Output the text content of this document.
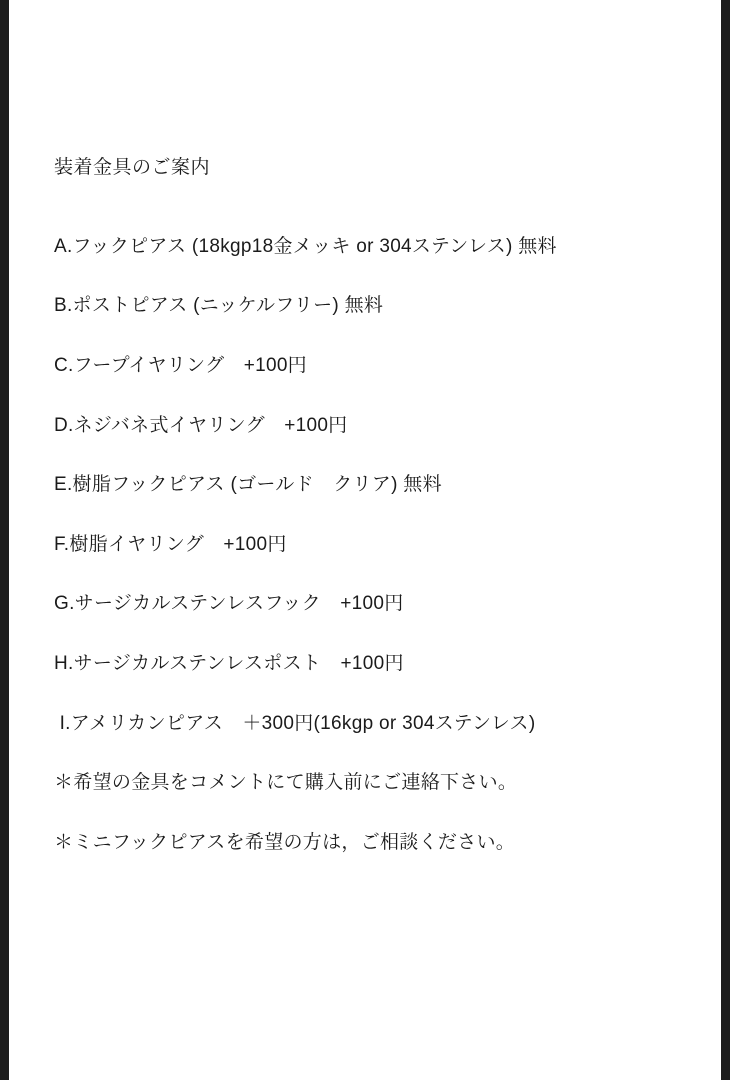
装着金具のご案内
A.フックピアス (18kgp18金メッキ or 304ステンレス) 無料
B.ポストピアス (ニッケルフリー) 無料
C.フープイヤリング　+100円
D.ネジバネ式イヤリング　+100円
E.樹脂フックピアス (ゴールド　クリア) 無料
F.樹脂イヤリング　+100円
G.サージカルステンレスフック　+100円
H.サージカルステンレスポスト　+100円
I.アメリカンピアス　＋300円(16kgp or 304ステンレス)

＊希望の金具をコメントにて購入前にご連絡下さい。

＊ミニフックピアスを希望の方は，ご相談ください。
